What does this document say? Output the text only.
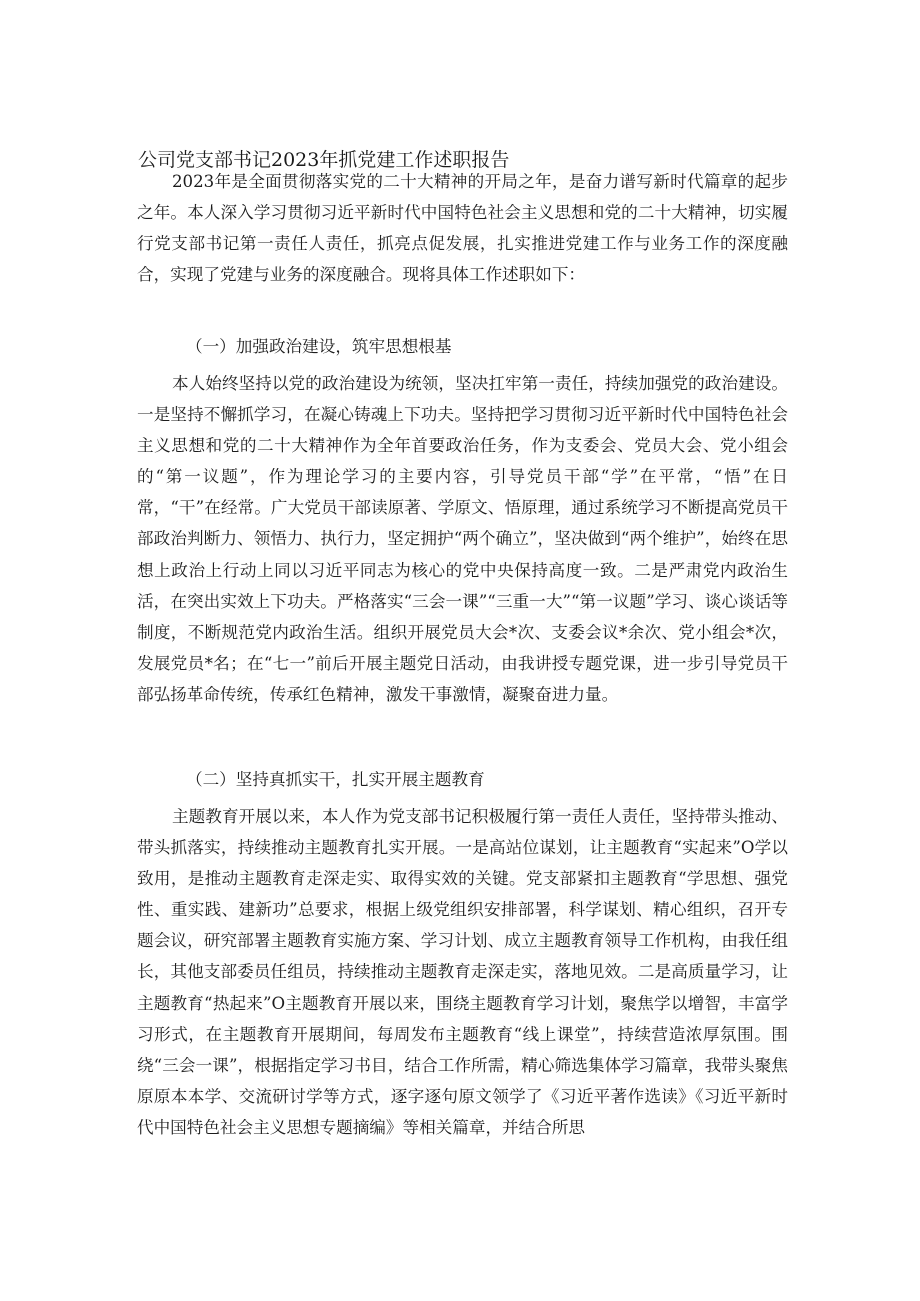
公司党支部书记2023年抓党建工作述职报告

2023年是全面贯彻落实党的二十大精神的开局之年，是奋力谱写新时代篇章的起步之年。本人深入学习贯彻习近平新时代中国特色社会主义思想和党的二十大精神，切实履行党支部书记第一责任人责任，抓亮点促发展，扎实推进党建工作与业务工作的深度融合，实现了党建与业务的深度融合。现将具体工作述职如下：

（一）加强政治建设，筑牢思想根基

本人始终坚持以党的政治建设为统领，坚决扛牢第一责任，持续加强党的政治建设。一是坚持不懈抓学习，在凝心铸魂上下功夫。坚持把学习贯彻习近平新时代中国特色社会主义思想和党的二十大精神作为全年首要政治任务，作为支委会、党员大会、党小组会的“第一议题”，作为理论学习的主要内容，引导党员干部“学”在平常，“悟”在日常，“干”在经常。广大党员干部读原著、学原文、悟原理，通过系统学习不断提高党员干部政治判断力、领悟力、执行力，坚定拥护“两个确立”，坚决做到“两个维护”，始终在思想上政治上行动上同以习近平同志为核心的党中央保持高度一致。二是严肃党内政治生活，在突出实效上下功夫。严格落实“三会一课”“三重一大”“第一议题”学习、谈心谈话等制度，不断规范党内政治生活。组织开展党员大会*次、支委会议*余次、党小组会*次，发展党员*名；在“七一”前后开展主题党日活动，由我讲授专题党课，进一步引导党员干部弘扬革命传统，传承红色精神，激发干事激情，凝聚奋进力量。

（二）坚持真抓实干，扎实开展主题教育

主题教育开展以来，本人作为党支部书记积极履行第一责任人责任，坚持带头推动、带头抓落实，持续推动主题教育扎实开展。一是高站位谋划，让主题教育“实起来”O学以致用，是推动主题教育走深走实、取得实效的关键。党支部紧扣主题教育“学思想、强党性、重实践、建新功”总要求，根据上级党组织安排部署，科学谋划、精心组织，召开专题会议，研究部署主题教育实施方案、学习计划、成立主题教育领导工作机构，由我任组长，其他支部委员任组员，持续推动主题教育走深走实，落地见效。二是高质量学习，让主题教育“热起来”O主题教育开展以来，围绕主题教育学习计划，聚焦学以增智，丰富学习形式，在主题教育开展期间，每周发布主题教育“线上课堂”，持续营造浓厚氛围。围绕“三会一课”，根据指定学习书目，结合工作所需，精心筛选集体学习篇章，我带头聚焦原原本本学、交流研讨学等方式，逐字逐句原文领学了《习近平著作选读》《习近平新时代中国特色社会主义思想专题摘编》等相关篇章，并结合所思
